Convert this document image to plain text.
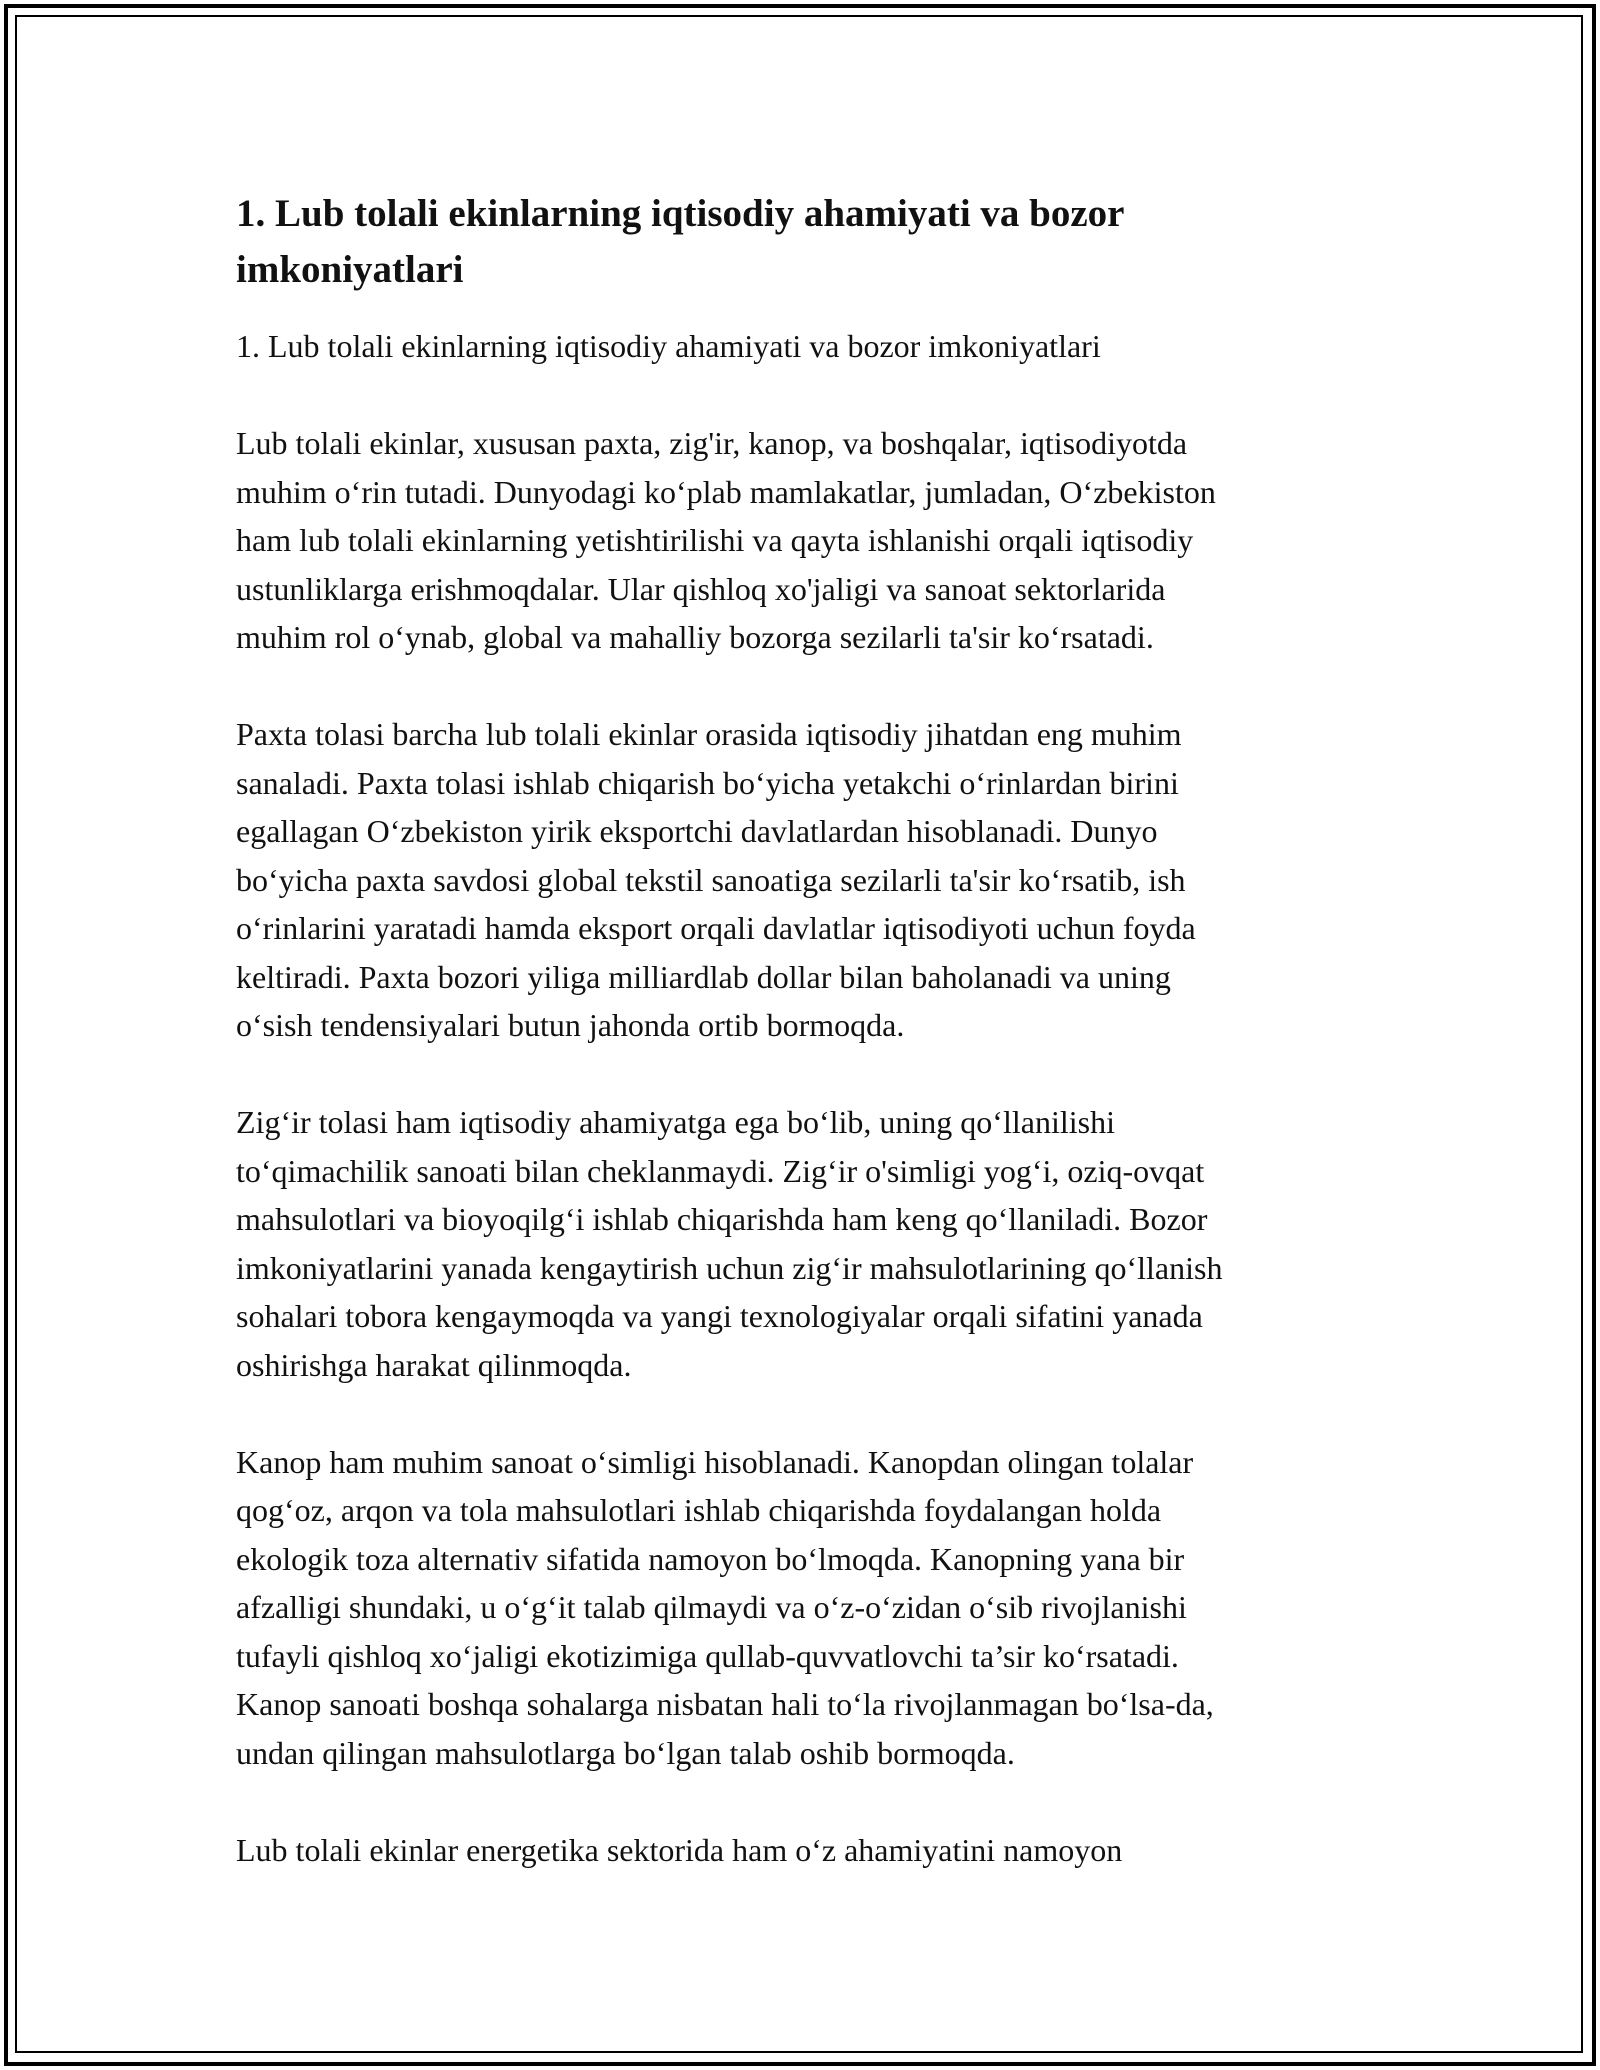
1. Lub tolali ekinlarning iqtisodiy ahamiyati va bozor
imkoniyatlari

1. Lub tolali ekinlarning iqtisodiy ahamiyati va bozor imkoniyatlari

Lub tolali ekinlar, xususan paxta, zig'ir, kanop, va boshqalar, iqtisodiyotda
muhim o‘rin tutadi. Dunyodagi ko‘plab mamlakatlar, jumladan, O‘zbekiston
ham lub tolali ekinlarning yetishtirilishi va qayta ishlanishi orqali iqtisodiy
ustunliklarga erishmoqdalar. Ular qishloq xo'jaligi va sanoat sektorlarida
muhim rol o‘ynab, global va mahalliy bozorga sezilarli ta'sir ko‘rsatadi.

Paxta tolasi barcha lub tolali ekinlar orasida iqtisodiy jihatdan eng muhim
sanaladi. Paxta tolasi ishlab chiqarish bo‘yicha yetakchi o‘rinlardan birini
egallagan O‘zbekiston yirik eksportchi davlatlardan hisoblanadi. Dunyo
bo‘yicha paxta savdosi global tekstil sanoatiga sezilarli ta'sir ko‘rsatib, ish
o‘rinlarini yaratadi hamda eksport orqali davlatlar iqtisodiyoti uchun foyda
keltiradi. Paxta bozori yiliga milliardlab dollar bilan baholanadi va uning
o‘sish tendensiyalari butun jahonda ortib bormoqda.

Zig‘ir tolasi ham iqtisodiy ahamiyatga ega bo‘lib, uning qo‘llanilishi
to‘qimachilik sanoati bilan cheklanmaydi. Zig‘ir o'simligi yog‘i, oziq-ovqat
mahsulotlari va bioyoqilg‘i ishlab chiqarishda ham keng qo‘llaniladi. Bozor
imkoniyatlarini yanada kengaytirish uchun zig‘ir mahsulotlarining qo‘llanish
sohalari tobora kengaymoqda va yangi texnologiyalar orqali sifatini yanada
oshirishga harakat qilinmoqda.

Kanop ham muhim sanoat o‘simligi hisoblanadi. Kanopdan olingan tolalar
qog‘oz, arqon va tola mahsulotlari ishlab chiqarishda foydalangan holda
ekologik toza alternativ sifatida namoyon bo‘lmoqda. Kanopning yana bir
afzalligi shundaki, u o‘g‘it talab qilmaydi va o‘z-o‘zidan o‘sib rivojlanishi
tufayli qishloq xo‘jaligi ekotizimiga qullab-quvvatlovchi ta’sir ko‘rsatadi.
Kanop sanoati boshqa sohalarga nisbatan hali to‘la rivojlanmagan bo‘lsa-da,
undan qilingan mahsulotlarga bo‘lgan talab oshib bormoqda.

Lub tolali ekinlar energetika sektorida ham o‘z ahamiyatini namoyon
